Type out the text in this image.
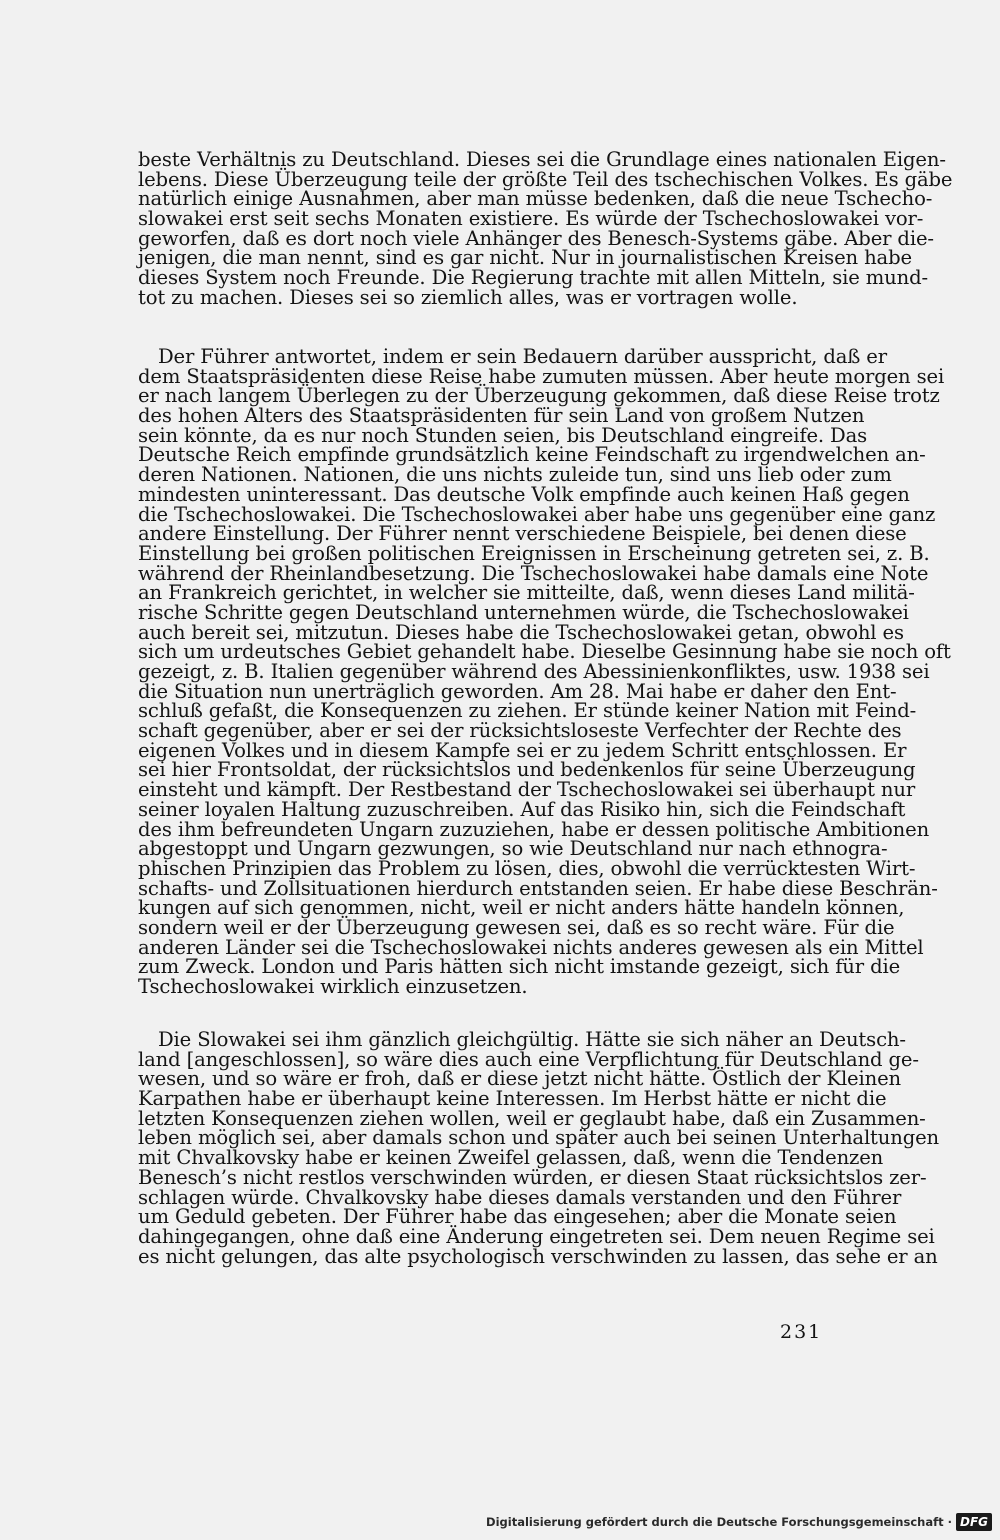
beste Verhältnis zu Deutschland. Dieses sei die Grundlage eines nationalen Eigen-
lebens. Diese Überzeugung teile der größte Teil des tschechischen Volkes. Es gäbe
natürlich einige Ausnahmen, aber man müsse bedenken, daß die neue Tschecho-
slowakei erst seit sechs Monaten existiere. Es würde der Tschechoslowakei vor-
geworfen, daß es dort noch viele Anhänger des Benesch-Systems gäbe. Aber die-
jenigen, die man nennt, sind es gar nicht. Nur in journalistischen Kreisen habe
dieses System noch Freunde. Die Regierung trachte mit allen Mitteln, sie mund-
tot zu machen. Dieses sei so ziemlich alles, was er vortragen wolle.
Der Führer antwortet, indem er sein Bedauern darüber ausspricht, daß er
dem Staatspräsidenten diese Reise habe zumuten müssen. Aber heute morgen sei
er nach langem Überlegen zu der Überzeugung gekommen, daß diese Reise trotz
des hohen Alters des Staatspräsidenten für sein Land von großem Nutzen
sein könnte, da es nur noch Stunden seien, bis Deutschland eingreife. Das
Deutsche Reich empfinde grundsätzlich keine Feindschaft zu irgendwelchen an-
deren Nationen. Nationen, die uns nichts zuleide tun, sind uns lieb oder zum
mindesten uninteressant. Das deutsche Volk empfinde auch keinen Haß gegen
die Tschechoslowakei. Die Tschechoslowakei aber habe uns gegenüber eine ganz
andere Einstellung. Der Führer nennt verschiedene Beispiele, bei denen diese
Einstellung bei großen politischen Ereignissen in Erscheinung getreten sei, z. B.
während der Rheinlandbesetzung. Die Tschechoslowakei habe damals eine Note
an Frankreich gerichtet, in welcher sie mitteilte, daß, wenn dieses Land militä-
rische Schritte gegen Deutschland unternehmen würde, die Tschechoslowakei
auch bereit sei, mitzutun. Dieses habe die Tschechoslowakei getan, obwohl es
sich um urdeutsches Gebiet gehandelt habe. Dieselbe Gesinnung habe sie noch oft
gezeigt, z. B. Italien gegenüber während des Abessinienkonfliktes, usw. 1938 sei
die Situation nun unerträglich geworden. Am 28. Mai habe er daher den Ent-
schluß gefaßt, die Konsequenzen zu ziehen. Er stünde keiner Nation mit Feind-
schaft gegenüber, aber er sei der rücksichtsloseste Verfechter der Rechte des
eigenen Volkes und in diesem Kampfe sei er zu jedem Schritt entschlossen. Er
sei hier Frontsoldat, der rücksichtslos und bedenkenlos für seine Überzeugung
einsteht und kämpft. Der Restbestand der Tschechoslowakei sei überhaupt nur
seiner loyalen Haltung zuzuschreiben. Auf das Risiko hin, sich die Feindschaft
des ihm befreundeten Ungarn zuzuziehen, habe er dessen politische Ambitionen
abgestoppt und Ungarn gezwungen, so wie Deutschland nur nach ethnogra-
phischen Prinzipien das Problem zu lösen, dies, obwohl die verrücktesten Wirt-
schafts- und Zollsituationen hierdurch entstanden seien. Er habe diese Beschrän-
kungen auf sich genommen, nicht, weil er nicht anders hätte handeln können,
sondern weil er der Überzeugung gewesen sei, daß es so recht wäre. Für die
anderen Länder sei die Tschechoslowakei nichts anderes gewesen als ein Mittel
zum Zweck. London und Paris hätten sich nicht imstande gezeigt, sich für die
Tschechoslowakei wirklich einzusetzen.
Die Slowakei sei ihm gänzlich gleichgültig. Hätte sie sich näher an Deutsch-
land [angeschlossen], so wäre dies auch eine Verpflichtung für Deutschland ge-
wesen, und so wäre er froh, daß er diese jetzt nicht hätte. Östlich der Kleinen
Karpathen habe er überhaupt keine Interessen. Im Herbst hätte er nicht die
letzten Konsequenzen ziehen wollen, weil er geglaubt habe, daß ein Zusammen-
leben möglich sei, aber damals schon und später auch bei seinen Unterhaltungen
mit Chvalkovsky habe er keinen Zweifel gelassen, daß, wenn die Tendenzen
Benesch’s nicht restlos verschwinden würden, er diesen Staat rücksichtslos zer-
schlagen würde. Chvalkovsky habe dieses damals verstanden und den Führer
um Geduld gebeten. Der Führer habe das eingesehen; aber die Monate seien
dahingegangen, ohne daß eine Änderung eingetreten sei. Dem neuen Regime sei
es nicht gelungen, das alte psychologisch verschwinden zu lassen, das sehe er an
231
Digitalisierung gefördert durch die Deutsche Forschungsgemeinschaft · DFG
